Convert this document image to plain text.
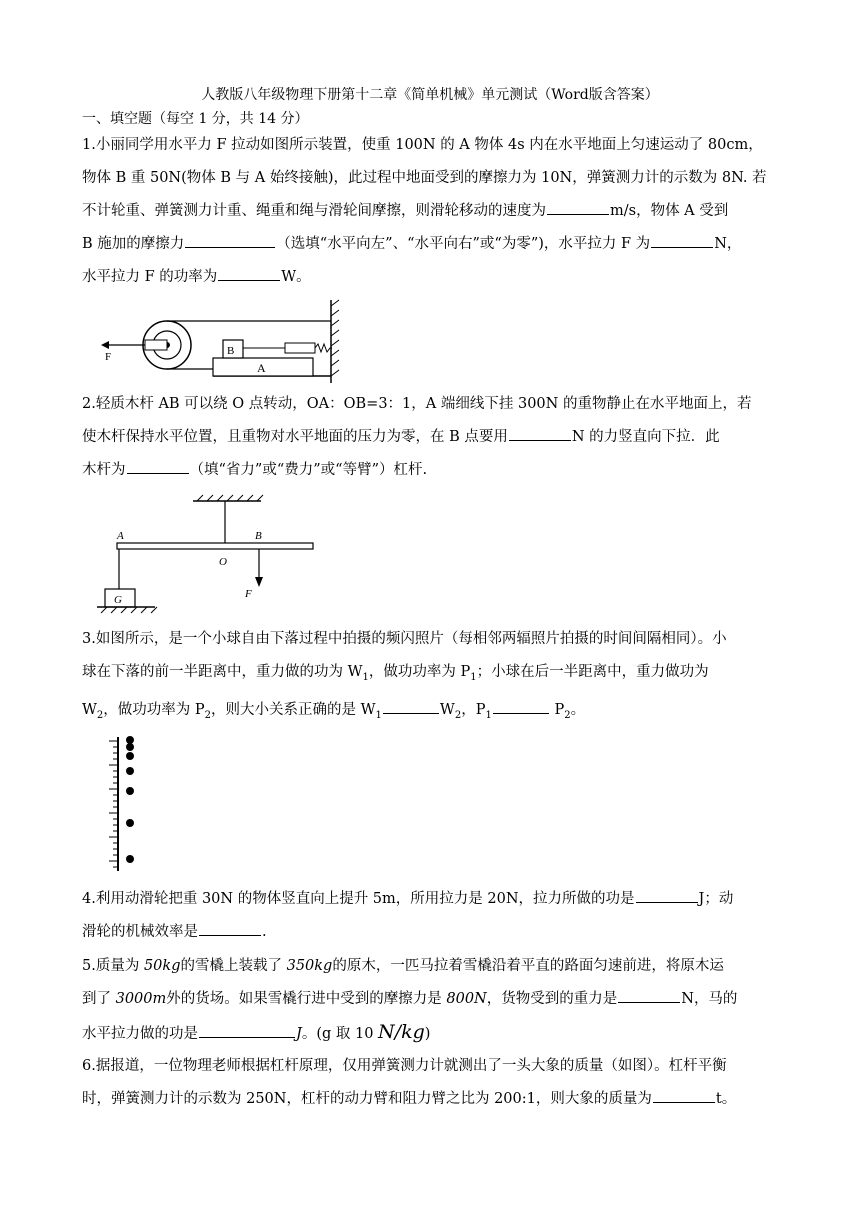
人教版八年级物理下册第十二章《简单机械》单元测试（Word版含答案）
一、填空题（每空 1 分，共 14 分）
1.小丽同学用水平力 F 拉动如图所示装置，使重 100N 的 A 物体 4s 内在水平地面上匀速运动了 80cm，
物体 B 重 50N(物体 B 与 A 始终接触)，此过程中地面受到的摩擦力为 10N，弹簧测力计的示数为 8N. 若
不计轮重、弹簧测力计重、绳重和绳与滑轮间摩擦，则滑轮移动的速度为	m/s，物体 A 受到
B 施加的摩擦力	（选填“水平向左”、“水平向右”或“为零”)，水平拉力 F 为	N，
水平拉力 F 的功率为	W。
F	B
A
2.轻质木杆 AB 可以绕 O 点转动，OA：OB=3：1，A 端细线下挂 300N 的重物静止在水平地面上，若
使木杆保持水平位置，且重物对水平地面的压力为零，在 B 点要用	N 的力竖直向下拉．此
木杆为	（填“省力”或“费力”或“等臂”）杠杆.
A
O
B
F
G
3.如图所示，是一个小球自由下落过程中拍摄的频闪照片（每相邻两辐照片拍摄的时间间隔相同）。小
球在下落的前一半距离中，重力做的功为 $W_1$，做功功率为 $P_1$；小球在后一半距离中，重力做功为
$W_2$，做功功率为 $P_2$，则大小关系正确的是 $W_1$	$W_2$，$P_1$	$P_2$。
4.利用动滑轮把重 30N 的物体竖直向上提升 5m，所用拉力是 20N，拉力所做的功是	J；动
滑轮的机械效率是	.
5.质量为 50kg的雪橇上装载了 350kg的原木，一匹马拉着雪橇沿着平直的路面匀速前进，将原木运
到了 3000m外的货场。如果雪橇行进中受到的摩擦力是 800N，货物受到的重力是	N，马的
水平拉力做的功是	J。(g 取 10 N/kg)
6.据报道，一位物理老师根据杠杆原理，仅用弹簧测力计就测出了一头大象的质量（如图）。杠杆平衡
时，弹簧测力计的示数为 250N，杠杆的动力臂和阻力臂之比为 200:1，则大象的质量为	t。
